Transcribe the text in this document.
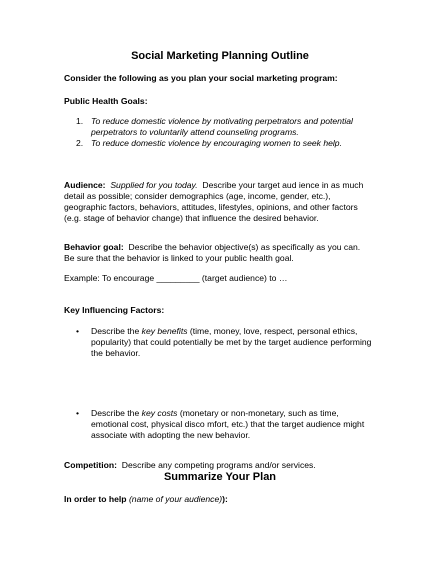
Social Marketing Planning Outline
Consider the following as you plan your social marketing program:
Public Health Goals:
1. To reduce domestic violence by motivating perpetrators and potential
perpetrators to voluntarily attend counseling programs.
2. To reduce domestic violence by encouraging women to seek help.
Audience: Supplied for you today. Describe your target aud ience in as much
detail as possible; consider demographics (age, income, gender, etc.),
geographic factors, behaviors, attitudes, lifestyles, opinions, and other factors
(e.g. stage of behavior change) that influence the desired behavior.
Behavior goal: Describe the behavior objective(s) as specifically as you can.
Be sure that the behavior is linked to your public health goal.
Example: To encourage _________ (target audience) to …
Key Influencing Factors:
• Describe the key benefits (time, money, love, respect, personal ethics,
popularity) that could potentially be met by the target audience performing
the behavior.
• Describe the key costs (monetary or non-monetary, such as time,
emotional cost, physical disco mfort, etc.) that the target audience might
associate with adopting the new behavior.
Competition: Describe any competing programs and/or services.
Summarize Your Plan
In order to help (name of your audience)):
